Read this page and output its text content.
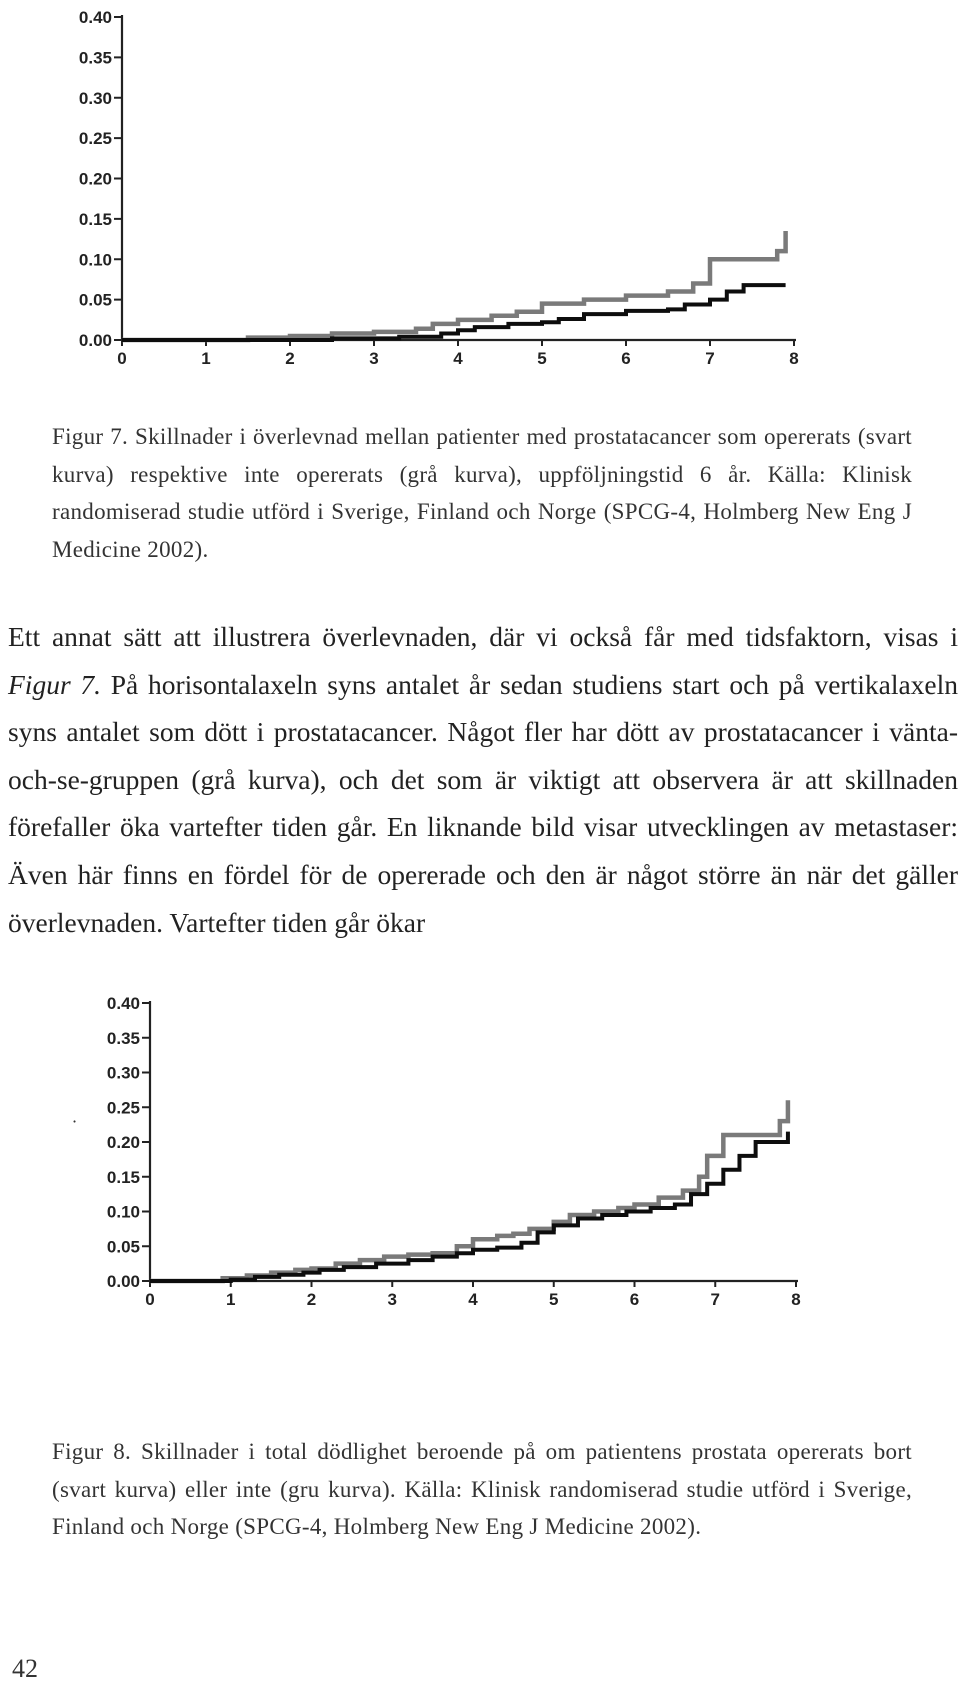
0.00
0.05
0.10
0.15
0.20
0.25
0.30
0.35
0.40
0	1	2	3	4	5	6	7	8
Figur 7. Skillnader i överlevnad mellan patienter med prostatacancer som opererats (svart kurva) respektive inte opererats (grå kurva), uppföljningstid 6 år. Källa: Klinisk randomiserad studie utförd i Sverige, Finland och Norge (SPCG-4, Holmberg New Eng J Medicine 2002).
Ett annat sätt att illustrera överlevnaden, där vi också får med tidsfaktorn, visas i Figur 7. På horisontalaxeln syns antalet år sedan studiens start och på vertikalaxeln syns antalet som dött i prostatacancer. Något fler har dött av prostatacancer i vänta-och-se-gruppen (grå kurva), och det som är viktigt att observera är att skillnaden förefaller öka vartefter tiden går. En liknande bild visar utvecklingen av metastaser: Även här finns en fördel för de opererade och den är något större än när det gäller överlevnaden. Vartefter tiden går ökar
0.00
0.05
0.10
0.15
0.20
0.25
0.30
0.35
0.40
0	1	2	3	4	5	6	7	8
·
Figur 8. Skillnader i total dödlighet beroende på om patientens prostata opererats bort (svart kurva) eller inte (gru kurva). Källa: Klinisk randomiserad studie utförd i Sverige, Finland och Norge (SPCG-4, Holmberg New Eng J Medicine 2002).
42
